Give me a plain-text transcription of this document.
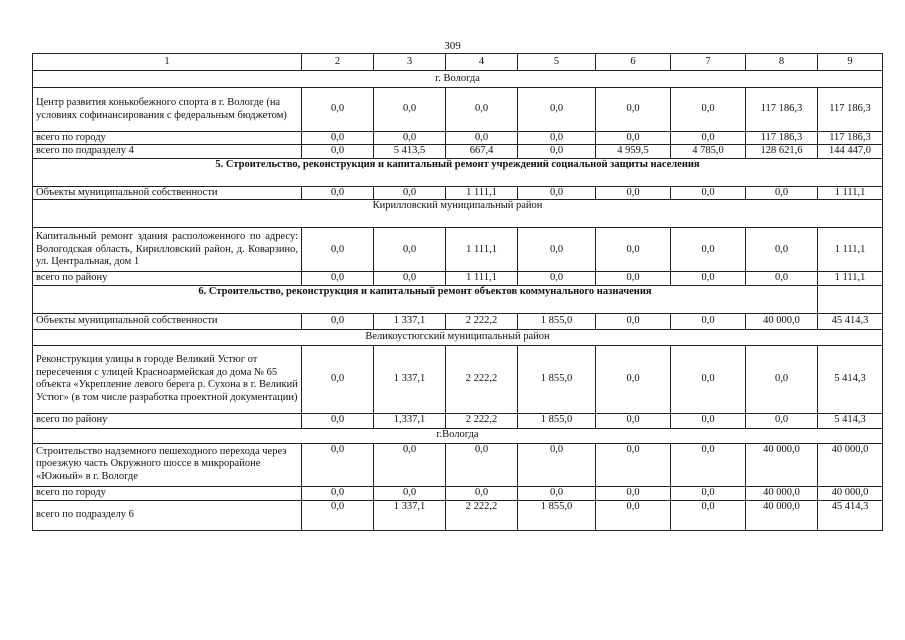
309
1	2	3	4	5	6	7	8	9
г. Вологда								
Центр развития конькобежного спорта в г. Вологде (на условиях софинансирования с федеральным бюджетом)	0,0	0,0	0,0	0,0	0,0	0,0	117 186,3	117 186,3
всего по городу	0,0	0,0	0,0	0,0	0,0	0,0	117 186,3	117 186,3
всего по подразделу 4	0,0	5 413,5	667,4	0,0	4 959,5	4 785,0	128 621,6	144 447,0
5. Строительство, реконструкция и капитальный ремонт учреждений социальной защиты населения								
Объекты муниципальной собственности	0,0	0,0	1 111,1	0,0	0,0	0,0	0,0	1 111,1
Кирилловский муниципальный район								
Капитальный ремонт здания расположенного по адресу: Вологодская область, Кирилловский район, д. Коварзино, ул. Центральная, дом 1	0,0	0,0	1 111,1	0,0	0,0	0,0	0,0	1 111,1
всего по району	0,0	0,0	1 111,1	0,0	0,0	0,0	0,0	1 111,1
6. Строительство, реконструкция и капитальный ремонт объектов коммунального назначения								
Объекты муниципальной собственности	0,0	1 337,1	2 222,2	1 855,0	0,0	0,0	40 000,0	45 414,3
Великоустюгский муниципальный район								
Реконструкция улицы в городе Великий Устюг от пересечения с улицей Красноармейская до дома № 65 объекта «Укрепление левого берега р. Сухона в г. Великий Устюг» (в том числе разработка проектной документации)	0,0	1 337,1	2 222,2	1 855,0	0,0	0,0	0,0	5 414,3
всего по району	0,0	1,337,1	2 222,2	1 855,0	0,0	0,0	0,0	5 414,3
г.Вологда								
Строительство надземного пешеходного перехода через проезжую часть Окружного шоссе в микрорайоне «Южный» в г. Вологде	0,0	0,0	0,0	0,0	0,0	0,0	40 000,0	40 000,0
всего по городу	0,0	0,0	0,0	0,0	0,0	0,0	40 000,0	40 000,0
всего по подразделу 6	0,0	1 337,1	2 222,2	1 855,0	0,0	0,0	40 000,0	45 414,3
